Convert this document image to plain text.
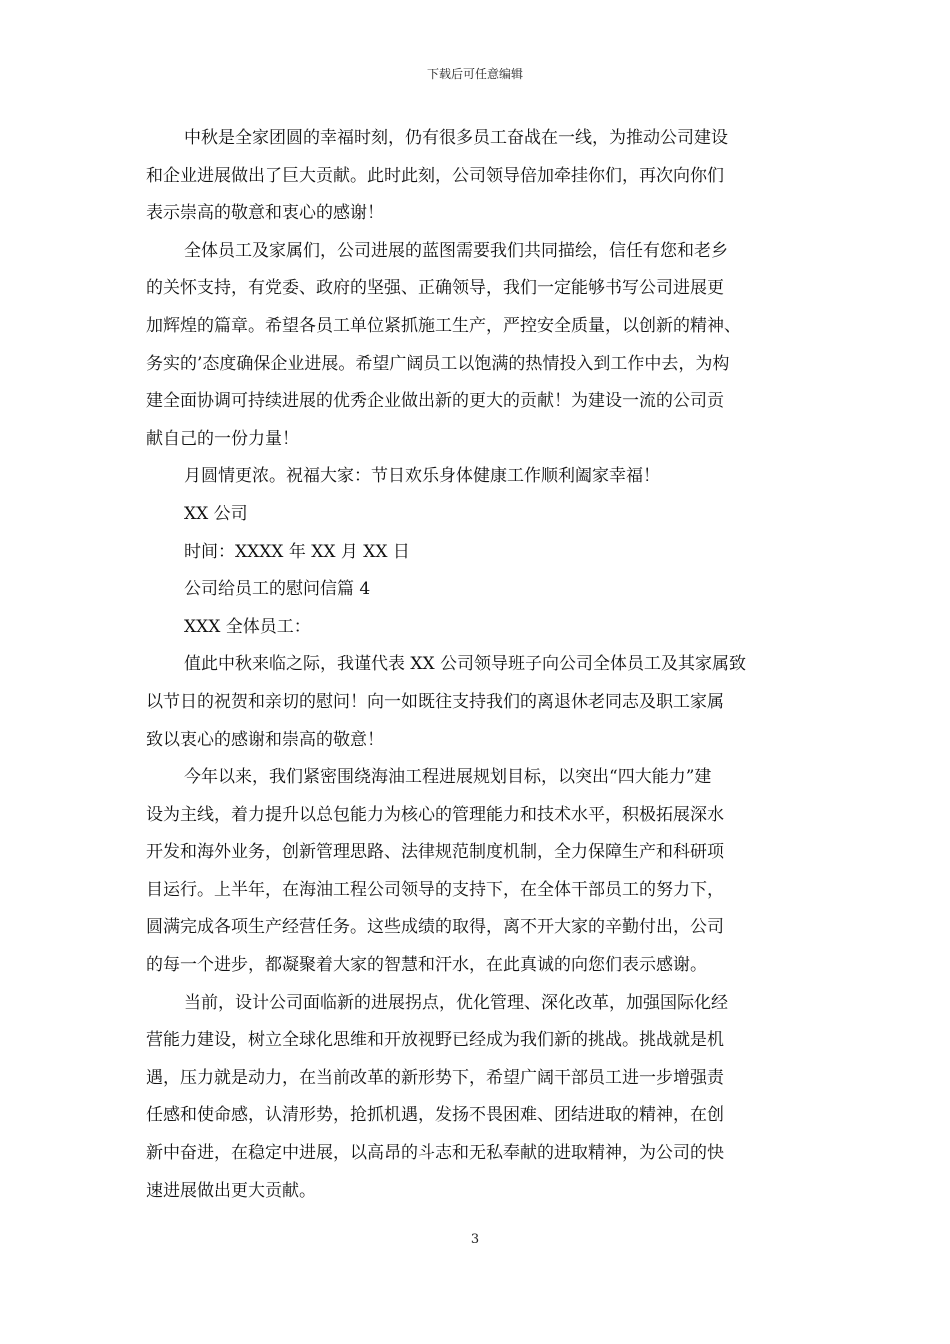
下载后可任意编辑
中秋是全家团圆的幸福时刻，仍有很多员工奋战在一线，为推动公司建设
和企业进展做出了巨大贡献。此时此刻，公司领导倍加牵挂你们，再次向你们
表示崇高的敬意和衷心的感谢！
全体员工及家属们，公司进展的蓝图需要我们共同描绘，信任有您和老乡
的关怀支持，有党委、政府的坚强、正确领导，我们一定能够书写公司进展更
加辉煌的篇章。希望各员工单位紧抓施工生产，严控安全质量，以创新的精神、
务实的’态度确保企业进展。希望广阔员工以饱满的热情投入到工作中去，为构
建全面协调可持续进展的优秀企业做出新的更大的贡献！为建设一流的公司贡
献自己的一份力量！
月圆情更浓。祝福大家：节日欢乐身体健康工作顺利阖家幸福！
XX 公司
时间：XXXX 年 XX 月 XX 日
公司给员工的慰问信篇 4
XXX 全体员工：
值此中秋来临之际，我谨代表 XX 公司领导班子向公司全体员工及其家属致
以节日的祝贺和亲切的慰问！向一如既往支持我们的离退休老同志及职工家属
致以衷心的感谢和崇高的敬意！
今年以来，我们紧密围绕海油工程进展规划目标，以突出“四大能力”建
设为主线，着力提升以总包能力为核心的管理能力和技术水平，积极拓展深水
开发和海外业务，创新管理思路、法律规范制度机制，全力保障生产和科研项
目运行。上半年，在海油工程公司领导的支持下，在全体干部员工的努力下，
圆满完成各项生产经营任务。这些成绩的取得，离不开大家的辛勤付出，公司
的每一个进步，都凝聚着大家的智慧和汗水，在此真诚的向您们表示感谢。
当前，设计公司面临新的进展拐点，优化管理、深化改革，加强国际化经
营能力建设，树立全球化思维和开放视野已经成为我们新的挑战。挑战就是机
遇，压力就是动力，在当前改革的新形势下，希望广阔干部员工进一步增强责
任感和使命感，认清形势，抢抓机遇，发扬不畏困难、团结进取的精神，在创
新中奋进，在稳定中进展，以高昂的斗志和无私奉献的进取精神，为公司的快
速进展做出更大贡献。
3
